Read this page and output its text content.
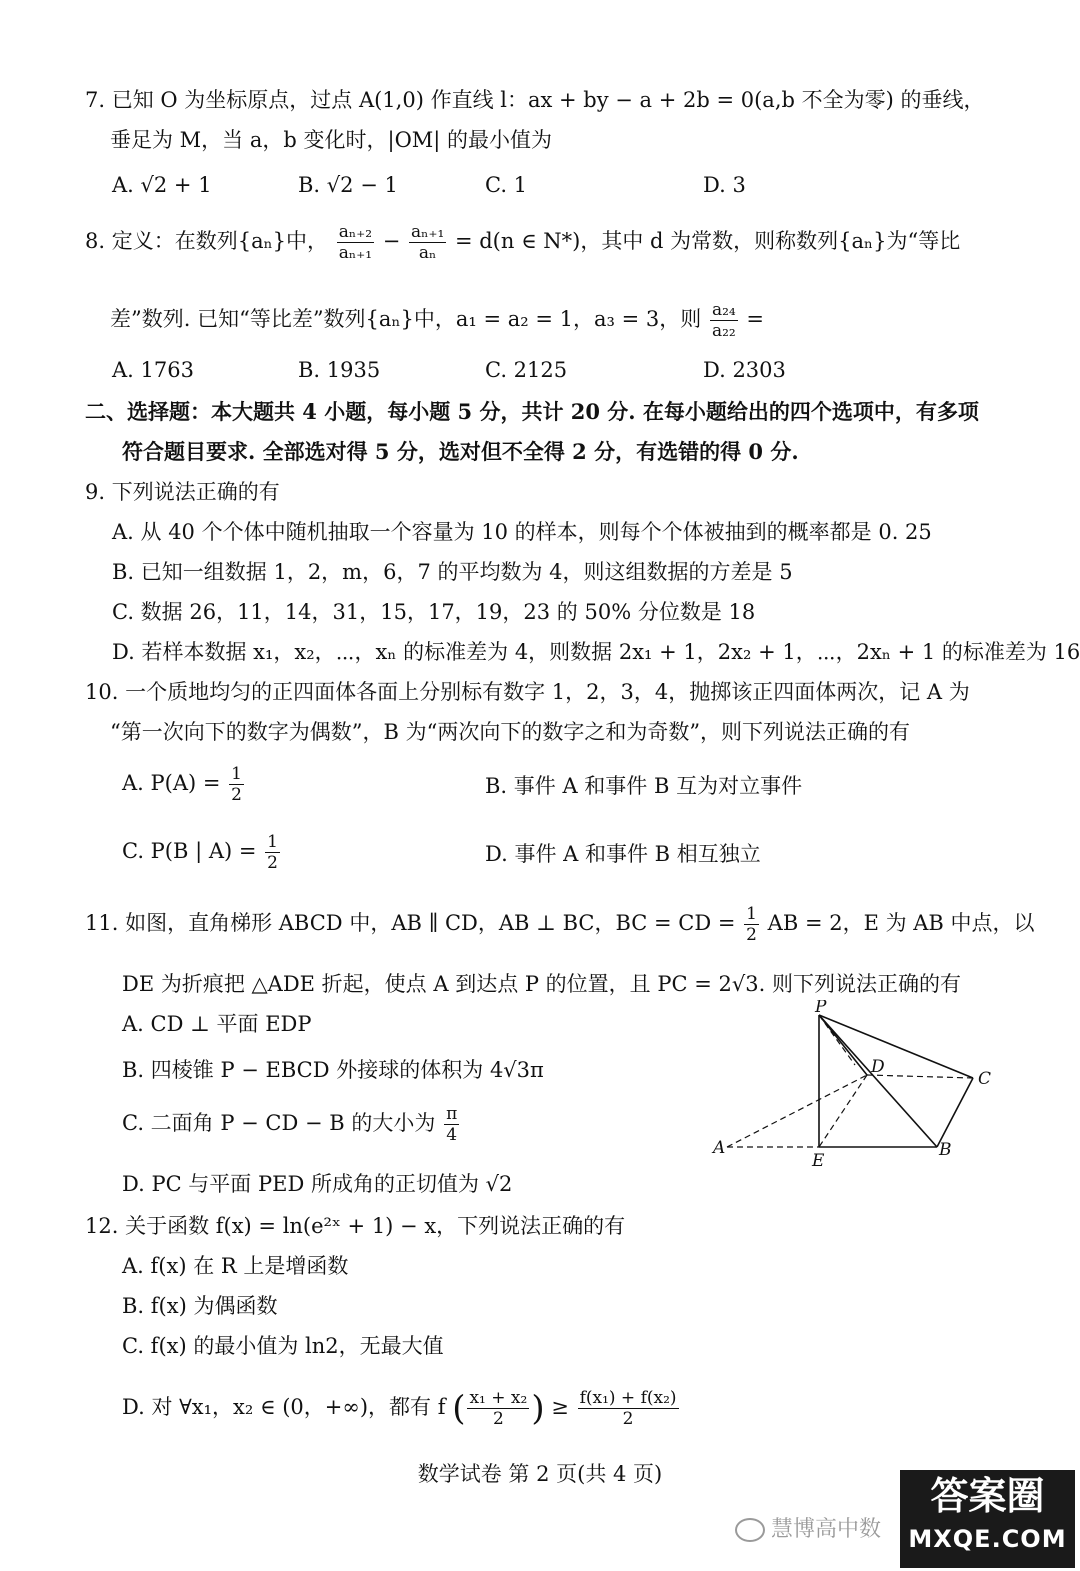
7. 已知 O 为坐标原点，过点 A(1,0) 作直线 l：ax + by − a + 2b = 0(a,b 不全为零) 的垂线，
垂足为 M，当 a，b 变化时，|OM| 的最小值为
A. √2 + 1	B. √2 − 1	C. 1	D. 3
8. 定义：在数列{aₙ}中， $\frac{\text{aₙ₊₂}}{\text{aₙ₊₁}} - \frac{\text{aₙ₊₁}}{\text{aₙ}} = d(n$ ∈ N*)，其中 d 为常数，则称数列{aₙ}为“等比
差”数列. 已知“等比差”数列{aₙ}中，a₁ = a₂ = 1，a₃ = 3，则 $\frac{\text{a₂₄}}{\text{a₂₂}}$ =
A. 1763	B. 1935	C. 2125	D. 2303
二、选择题：本大题共 4 小题，每小题 5 分，共计 20 分. 在每小题给出的四个选项中，有多项
符合题目要求. 全部选对得 5 分，选对但不全得 2 分，有选错的得 0 分.
9. 下列说法正确的有
A. 从 40 个个体中随机抽取一个容量为 10 的样本，则每个个体被抽到的概率都是 0. 25
B. 已知一组数据 1，2，m，6，7 的平均数为 4，则这组数据的方差是 5
C. 数据 26，11，14，31，15，17，19，23 的 50% 分位数是 18
D. 若样本数据 x₁，x₂，⋯，xₙ 的标准差为 4，则数据 2x₁ + 1，2x₂ + 1，⋯，2xₙ + 1 的标准差为 16
10. 一个质地均匀的正四面体各面上分别标有数字 1，2，3，4，抛掷该正四面体两次，记 A 为
“第一次向下的数字为偶数”，B 为“两次向下的数字之和为奇数”，则下列说法正确的有
A. $P(A) = \frac{1}{2}$	B. 事件 A 和事件 B 互为对立事件
C. P(B | $A) = \frac{1}{2}$	D. 事件 A 和事件 B 相互独立
11. 如图，直角梯形 ABCD 中，AB ∥ CD，AB ⊥ BC，BC = CD = $\frac{1}{2}$ AB = 2，E 为 AB 中点，以
DE 为折痕把 △ADE 折起，使点 A 到达点 P 的位置，且 PC = 2√3. 则下列说法正确的有
A. CD ⊥ 平面 EDP
B. 四棱锥 P − EBCD 外接球的体积为 4√3π
C. 二面角 P − CD − B 的大小为 $\frac{\pi}{4}$
D. PC 与平面 PED 所成角的正切值为 √2
P
D
C
A
E
B
12. 关于函数 f(x) = ln(e²ˣ + 1) − x，下列说法正确的有
A. f(x) 在 R 上是增函数
B. f(x) 为偶函数
C. f(x) 的最小值为 ln2，无最大值
D. 对 ∀x₁，x₂ ∈ (0，+∞)，都有 f ( $\frac{\text{x₁ + x₂}}{2}$ ) ≥ $\frac{\text{f(x₁) + f(x₂)}}{2}$
数学试卷 第 2 页(共 4 页)
慧博高中数
答案圈
MXQE.COM
